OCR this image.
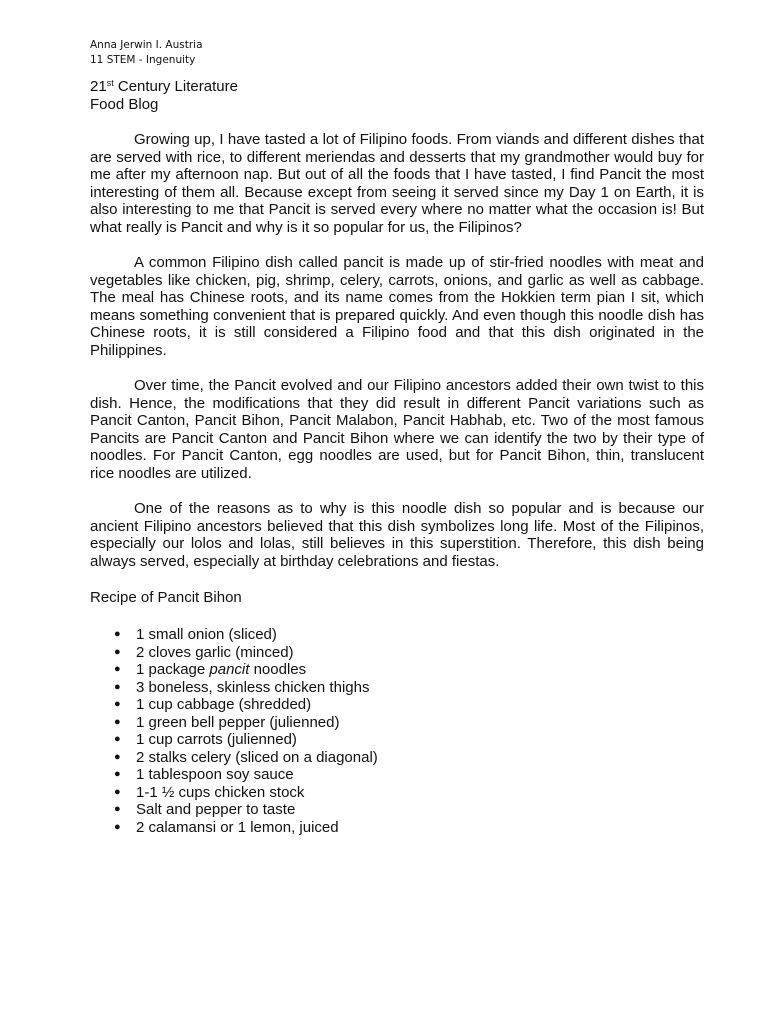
Anna Jerwin I. Austria

11 STEM - Ingenuity

21st Century Literature

Food Blog

Growing up, I have tasted a lot of Filipino foods. From viands and different dishes that are served with rice, to different meriendas and desserts that my grandmother would buy for me after my afternoon nap. But out of all the foods that I have tasted, I find Pancit the most interesting of them all. Because except from seeing it served since my Day 1 on Earth, it is also interesting to me that Pancit is served every where no matter what the occasion is! But what really is Pancit and why is it so popular for us, the Filipinos?

A common Filipino dish called pancit is made up of stir-fried noodles with meat and vegetables like chicken, pig, shrimp, celery, carrots, onions, and garlic as well as cabbage. The meal has Chinese roots, and its name comes from the Hokkien term pian I sit, which means something convenient that is prepared quickly. And even though this noodle dish has Chinese roots, it is still considered a Filipino food and that this dish originated in the Philippines.

Over time, the Pancit evolved and our Filipino ancestors added their own twist to this dish. Hence, the modifications that they did result in different Pancit variations such as Pancit Canton, Pancit Bihon, Pancit Malabon, Pancit Habhab, etc. Two of the most famous Pancits are Pancit Canton and Pancit Bihon where we can identify the two by their type of noodles. For Pancit Canton, egg noodles are used, but for Pancit Bihon, thin, translucent rice noodles are utilized.

One of the reasons as to why is this noodle dish so popular and is because our ancient Filipino ancestors believed that this dish symbolizes long life. Most of the Filipinos, especially our lolos and lolas, still believes in this superstition. Therefore, this dish being always served, especially at birthday celebrations and fiestas.

Recipe of Pancit Bihon

● 1 small onion (sliced)
● 2 cloves garlic (minced)
● 1 package pancit noodles
● 3 boneless, skinless chicken thighs
● 1 cup cabbage (shredded)
● 1 green bell pepper (julienned)
● 1 cup carrots (julienned)
● 2 stalks celery (sliced on a diagonal)
● 1 tablespoon soy sauce
● 1-1 ½ cups chicken stock
● Salt and pepper to taste
● 2 calamansi or 1 lemon, juiced
